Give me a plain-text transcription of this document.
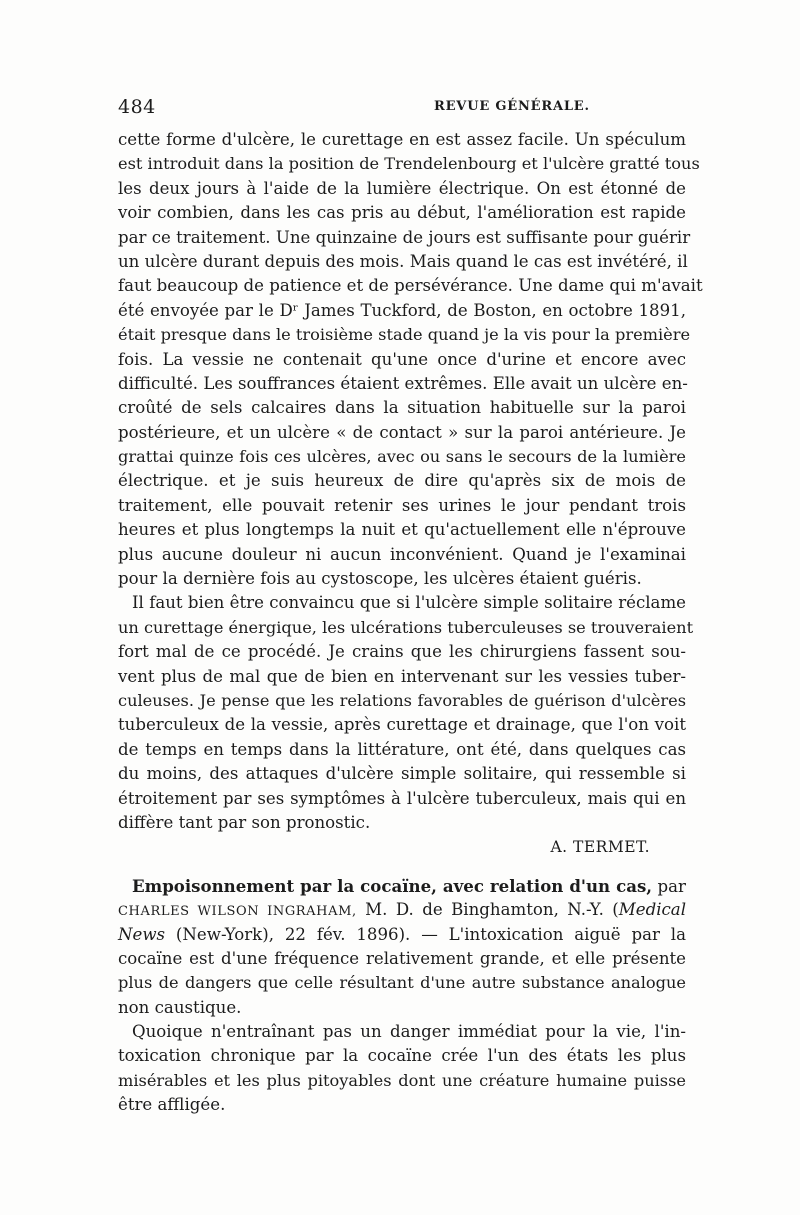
484	REVUE GÉNÉRALE.
cette forme d'ulcère, le curettage en est assez facile. Un spéculum
est introduit dans la position de Trendelenbourg et l'ulcère gratté tous
les deux jours à l'aide de la lumière électrique. On est étonné de
voir combien, dans les cas pris au début, l'amélioration est rapide
par ce traitement. Une quinzaine de jours est suffisante pour guérir
un ulcère durant depuis des mois. Mais quand le cas est invétéré, il
faut beaucoup de patience et de persévérance. Une dame qui m'avait
été envoyée par le Dʳ James Tuckford, de Boston, en octobre 1891,
était presque dans le troisième stade quand je la vis pour la première
fois. La vessie ne contenait qu'une once d'urine et encore avec
difficulté. Les souffrances étaient extrêmes. Elle avait un ulcère en-
croûté de sels calcaires dans la situation habituelle sur la paroi
postérieure, et un ulcère « de contact » sur la paroi antérieure. Je
grattai quinze fois ces ulcères, avec ou sans le secours de la lumière
électrique. et je suis heureux de dire qu'après six de mois de
traitement, elle pouvait retenir ses urines le jour pendant trois
heures et plus longtemps la nuit et qu'actuellement elle n'éprouve
plus aucune douleur ni aucun inconvénient. Quand je l'examinai
pour la dernière fois au cystoscope, les ulcères étaient guéris.
Il faut bien être convaincu que si l'ulcère simple solitaire réclame
un curettage énergique, les ulcérations tuberculeuses se trouveraient
fort mal de ce procédé. Je crains que les chirurgiens fassent sou-
vent plus de mal que de bien en intervenant sur les vessies tuber-
culeuses. Je pense que les relations favorables de guérison d'ulcères
tuberculeux de la vessie, après curettage et drainage, que l'on voit
de temps en temps dans la littérature, ont été, dans quelques cas
du moins, des attaques d'ulcère simple solitaire, qui ressemble si
étroitement par ses symptômes à l'ulcère tuberculeux, mais qui en
diffère tant par son pronostic.
A. TERMET.
Empoisonnement par la cocaïne, avec relation d'un cas, par
CHARLES WILSON INGRAHAM, M. D. de Binghamton, N.-Y. (Medical
News (New-York), 22 fév. 1896). — L'intoxication aiguë par la
cocaïne est d'une fréquence relativement grande, et elle présente
plus de dangers que celle résultant d'une autre substance analogue
non caustique.
Quoique n'entraînant pas un danger immédiat pour la vie, l'in-
toxication chronique par la cocaïne crée l'un des états les plus
misérables et les plus pitoyables dont une créature humaine puisse
être affligée.
